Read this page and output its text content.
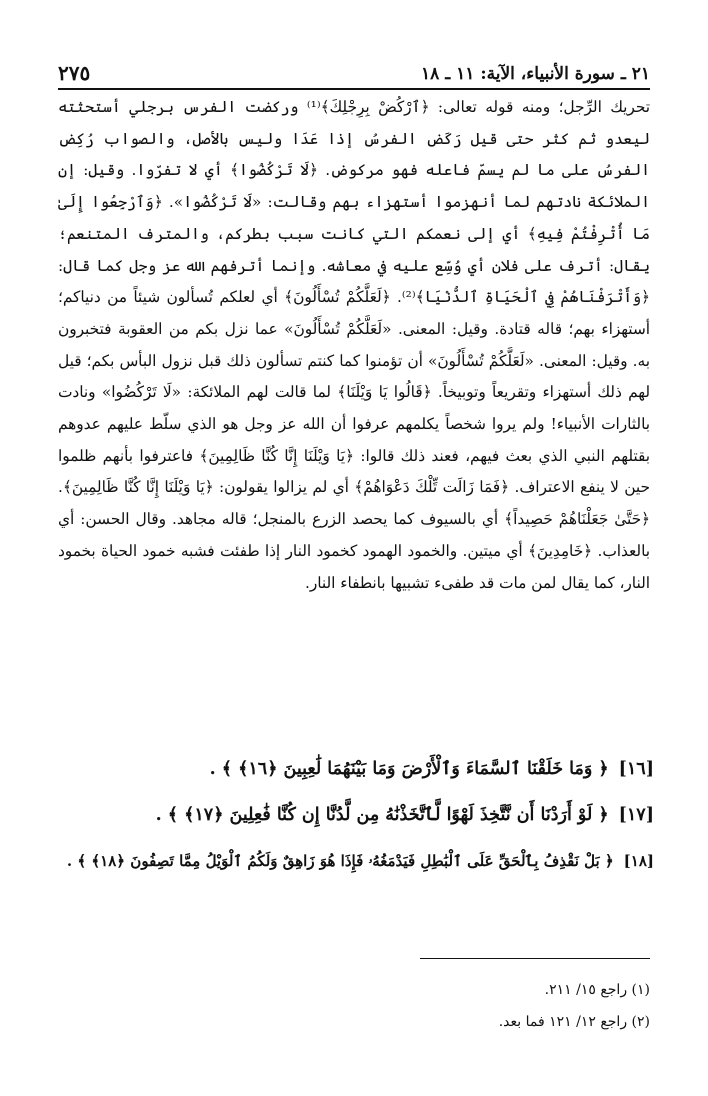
٢٧٥	٢١ ـ سورة الأنبياء، الآية: ١١ ـ ١٨

تحريك الرِّجل؛ ومنه قوله تعالى: ﴿ٱرْكُضْ بِرِجْلِكَ﴾⁽¹⁾ وركضت الفرس برجلي أستحثته ليعدو ثم كثر حتى قيل رَكَض الفرسُ إذا عَدَا وليس بالأصل، والصواب رُكِض الفرسُ على ما لم يسمّ فاعله فهو مركوض. ﴿لَا تَرْكُضُوا﴾ أي لا تفرّوا. وقيل: إن الملائكة نادتهم لما أنهزموا أستهزاء بهم وقالت: «لَا تَرْكُضُوا». ﴿وَٱرْجِعُوا إِلَىٰ مَا أُتْرِفْتُمْ فِيهِ﴾ أي إلى نعمكم التي كانت سبب بطركم، والمترف المتنعم؛ يقال: أترف على فلان أي وُسِّع عليه في معاشه. وإنما أترفهم الله عز وجل كما قال: ﴿وَأَتْرَفْنَاهُمْ فِي ٱلْحَيَاةِ ٱلدُّنْيَا﴾⁽²⁾. ﴿لَعَلَّكُمْ تُسْأَلُونَ﴾ أي لعلكم تُسألون شيئاً من دنياكم؛ أستهزاء بهم؛ قاله قتادة. وقيل: المعنى. «لَعَلَّكُمْ تُسْأَلُونَ» عما نزل بكم من العقوبة فتخبرون به. وقيل: المعنى. «لَعَلَّكُمْ تُسْأَلُونَ» أن تؤمنوا كما كنتم تسألون ذلك قبل نزول البأس بكم؛ قيل لهم ذلك أستهزاء وتقريعاً وتوبيخاً. ﴿قَالُوا يَا وَيْلَنَا﴾ لما قالت لهم الملائكة: «لَا تَرْكُضُوا» ونادت بالثارات الأنبياء! ولم يروا شخصاً يكلمهم عرفوا أن الله عز وجل هو الذي سلّط عليهم عدوهم بقتلهم النبي الذي بعث فيهم، فعند ذلك قالوا: ﴿يَا وَيْلَنَا إِنَّا كُنَّا ظَالِمِينَ﴾ فاعترفوا بأنهم ظلموا حين لا ينفع الاعتراف. ﴿فَمَا زَالَت تِّلْكَ دَعْوَاهُمْ﴾ أي لم يزالوا يقولون: ﴿يَا وَيْلَنَا إِنَّا كُنَّا ظَالِمِينَ﴾. ﴿حَتَّىٰ جَعَلْنَاهُمْ حَصِيداً﴾ أي بالسيوف كما يحصد الزرع بالمنجل؛ قاله مجاهد. وقال الحسن: أي بالعذاب. ﴿خَامِدِينَ﴾ أي ميتين. والخمود الهمود كخمود النار إذا طفئت فشبه خمود الحياة بخمود النار، كما يقال لمن مات قد طفىء تشبيها بانطفاء النار.

[١٦]
﴿ وَمَا خَلَقْنَا ٱلسَّمَاءَ وَٱلْأَرْضَ وَمَا بَيْنَهُمَا لَٰعِبِينَ ﴿١٦﴾ ﴾ .
[١٧]
﴿ لَوْ أَرَدْنَا أَن نَّتَّخِذَ لَهْوًا لَّٱتَّخَذْنَٰهُ مِن لَّدُنَّا إِن كُنَّا فَٰعِلِينَ ﴿١٧﴾ ﴾ .
[١٨]
﴿ بَلْ نَقْذِفُ بِٱلْحَقِّ عَلَى ٱلْبَٰطِلِ فَيَدْمَغُهُۥ فَإِذَا هُوَ زَاهِقٌ وَلَكُمُ ٱلْوَيْلُ مِمَّا تَصِفُونَ ﴿١٨﴾ ﴾ .
(١) راجع ١٥/ ٢١١.
(٢) راجع ١٢/ ١٢١ فما بعد.
